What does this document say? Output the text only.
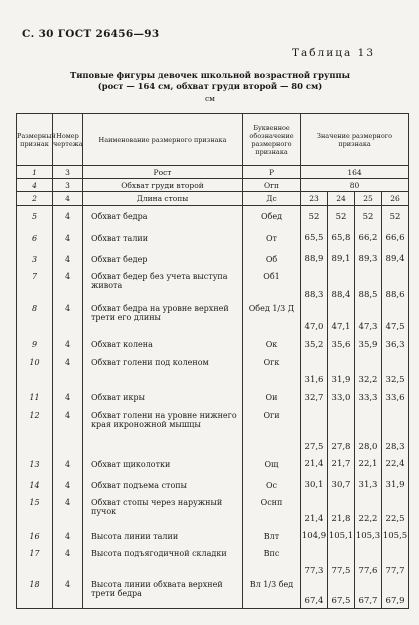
С. 30 ГОСТ 26456—93
Таблица 13
Типовые фигуры девочек школьной возрастной группы
(рост — 164 см, обхват груди второй — 80 см)
см
Размерный признак	Номер чертежа	Наименование размерного признака	Буквенное обозначение размерного признака	Значение размерного признака			
1	3	Рост	Р	164			
4	3	Обхват груди второй	Огп	80			
2	4	Длина стопы	Дс	23	24	25	26
5	4	Обхват бедра	Обед	52	52	52	52
6	4	Обхват талии	От	65,5	65,8	66,2	66,6
3	4	Обхват бедер	Об	88,9	89,1	89,3	89,4
7	4	Обхват бедер без учета выступа живота	Об1	88,3	88,4	88,5	88,6
8	4	Обхват бедра на уровне верхней трети его длины	Обед 1/3 Д	47,0	47,1	47,3	47,5
9	4	Обхват колена	Ок	35,2	35,6	35,9	36,3
10	4	Обхват голени под коленом	Огк	31,6	31,9	32,2	32,5
11	4	Обхват икры	Ои	32,7	33,0	33,3	33,6
12	4	Обхват голени на уровне нижнего края икроножной мышцы	Оги	27,5	27,8	28,0	28,3
13	4	Обхват щиколотки	Ощ	21,4	21,7	22,1	22,4
14	4	Обхват подъема стопы	Ос	30,1	30,7	31,3	31,9
15	4	Обхват стопы через наружный пучок	Оснп	21,4	21,8	22,2	22,5
16	4	Высота линии талии	Влт	104,9	105,1	105,3	105,5
17	4	Высота подъягодичной складки	Впс	77,3	77,5	77,6	77,7
18	4	Высота линии обхвата верхней трети бедра	Вл 1/3 бед	67,4	67,5	67,7	67,9
